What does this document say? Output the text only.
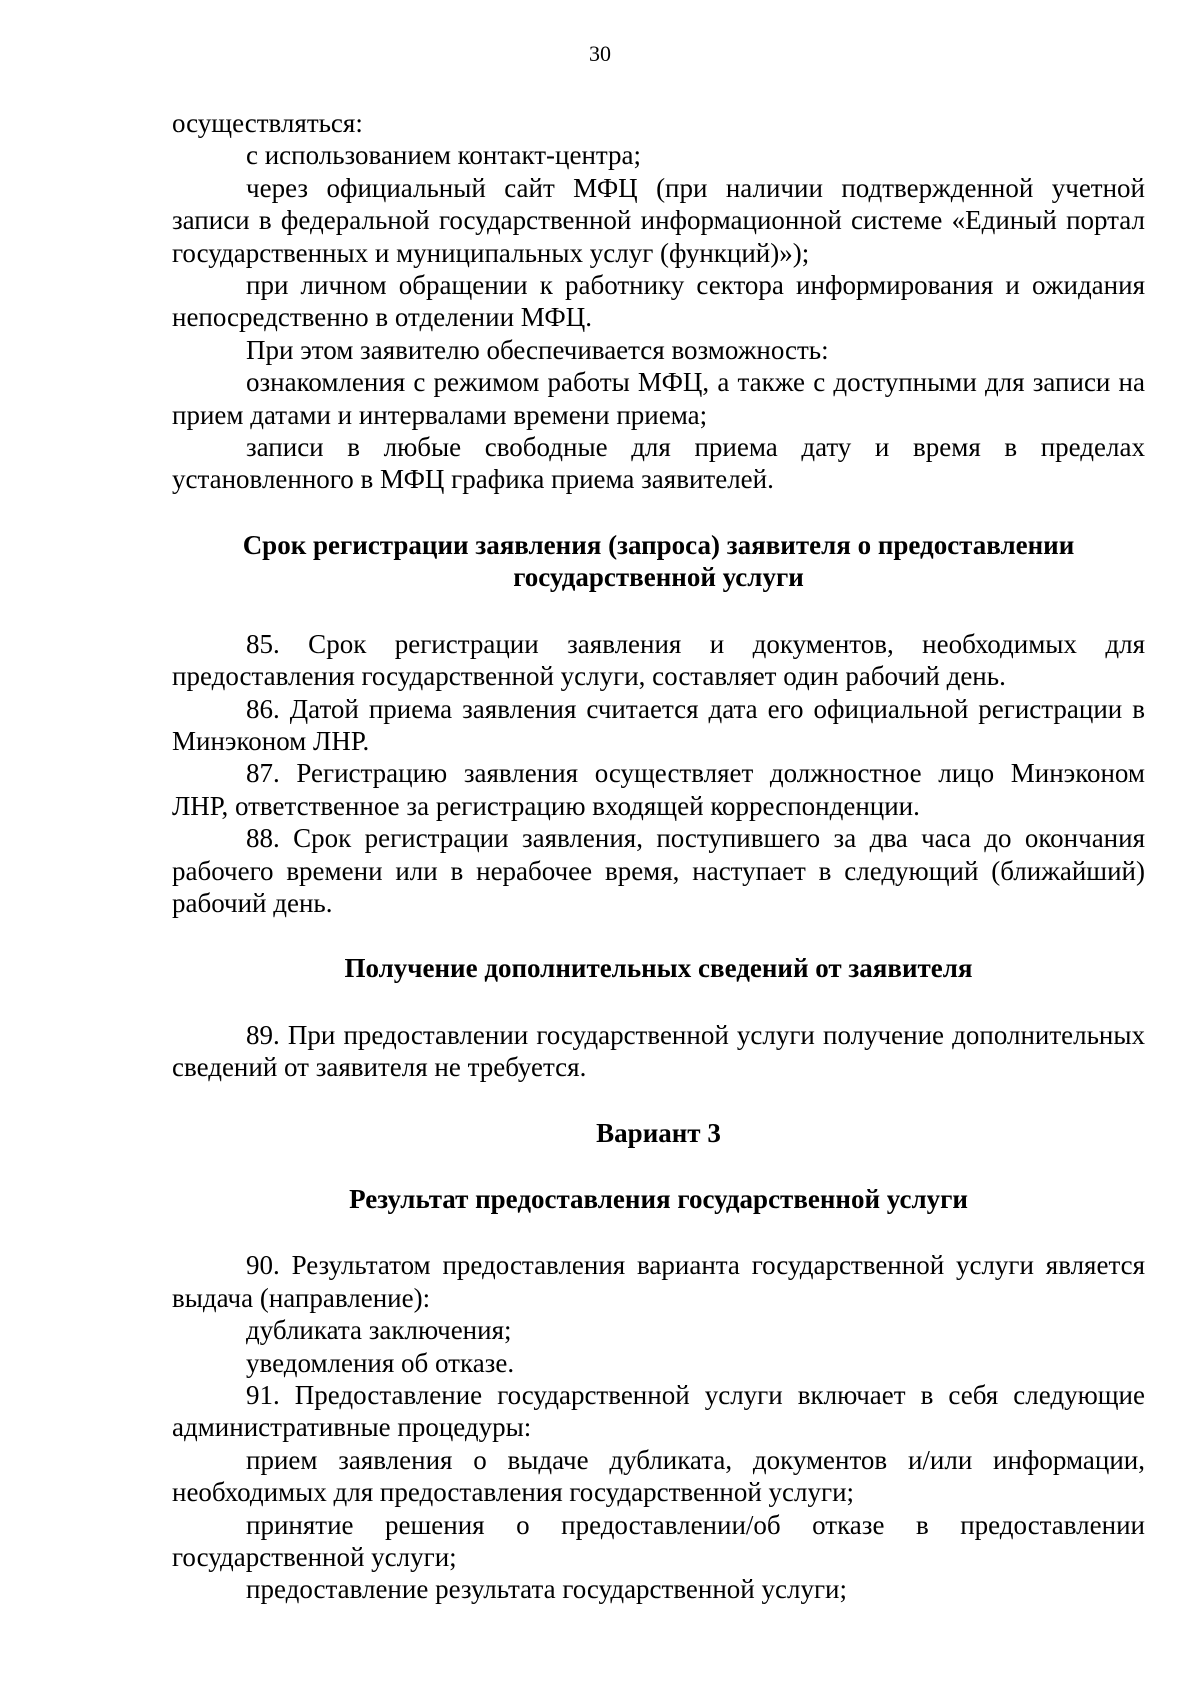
30

осуществляться:

с использованием контакт-центра;

через официальный сайт МФЦ (при наличии подтвержденной учетной записи в федеральной государственной информационной системе «Единый портал государственных и муниципальных услуг (функций)»);

при личном обращении к работнику сектора информирования и ожидания непосредственно в отделении МФЦ.

При этом заявителю обеспечивается возможность:

ознакомления с режимом работы МФЦ, а также с доступными для записи на прием датами и интервалами времени приема;

записи в любые свободные для приема дату и время в пределах установленного в МФЦ графика приема заявителей.

Срок регистрации заявления (запроса) заявителя о предоставлении государственной услуги

85. Срок регистрации заявления и документов, необходимых для предоставления государственной услуги, составляет один рабочий день.

86. Датой приема заявления считается дата его официальной регистрации в Минэконом ЛНР.

87. Регистрацию заявления осуществляет должностное лицо Минэконом ЛНР, ответственное за регистрацию входящей корреспонденции.

88. Срок регистрации заявления, поступившего за два часа до окончания рабочего времени или в нерабочее время, наступает в следующий (ближайший) рабочий день.

Получение дополнительных сведений от заявителя

89. При предоставлении государственной услуги получение дополнительных сведений от заявителя не требуется.

Вариант 3
Результат предоставления государственной услуги

90. Результатом предоставления варианта государственной услуги является выдача (направление):

дубликата заключения;

уведомления об отказе.

91. Предоставление государственной услуги включает в себя следующие административные процедуры:

прием заявления о выдаче дубликата, документов и/или информации, необходимых для предоставления государственной услуги;

принятие решения о предоставлении/об отказе в предоставлении государственной услуги;

предоставление результата государственной услуги;
